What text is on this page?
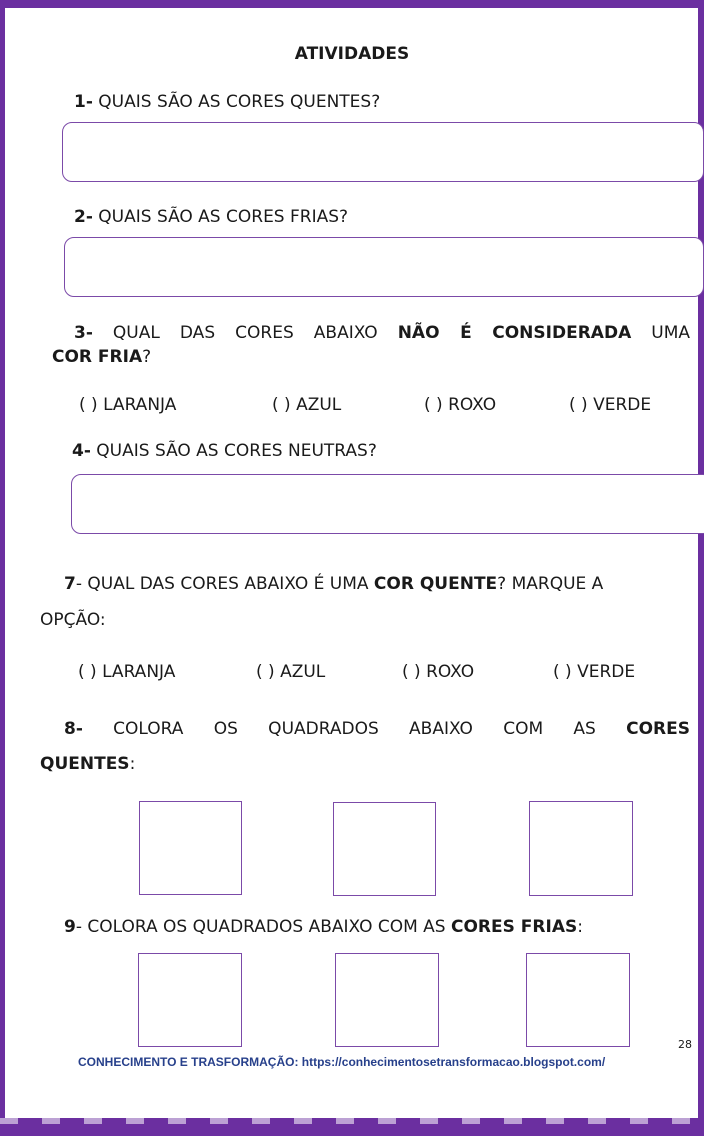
ATIVIDADES
1- QUAIS SÃO AS CORES QUENTES?
2- QUAIS SÃO AS CORES FRIAS?
3- QUAL DAS CORES ABAIXO NÃO É CONSIDERADA UMA
COR FRIA?
( ) LARANJA	( ) AZUL	( ) ROXO	( ) VERDE
4- QUAIS SÃO AS CORES NEUTRAS?
7- QUAL DAS CORES ABAIXO É UMA COR QUENTE? MARQUE A
OPÇÃO:
( ) LARANJA	( ) AZUL	( ) ROXO	( ) VERDE
8- COLORA OS QUADRADOS ABAIXO COM AS CORES
QUENTES:
9- COLORA OS QUADRADOS ABAIXO COM AS CORES FRIAS:
28
CONHECIMENTO E TRASFORMAÇÃO: https://conhecimentosetransformacao.blogspot.com/
